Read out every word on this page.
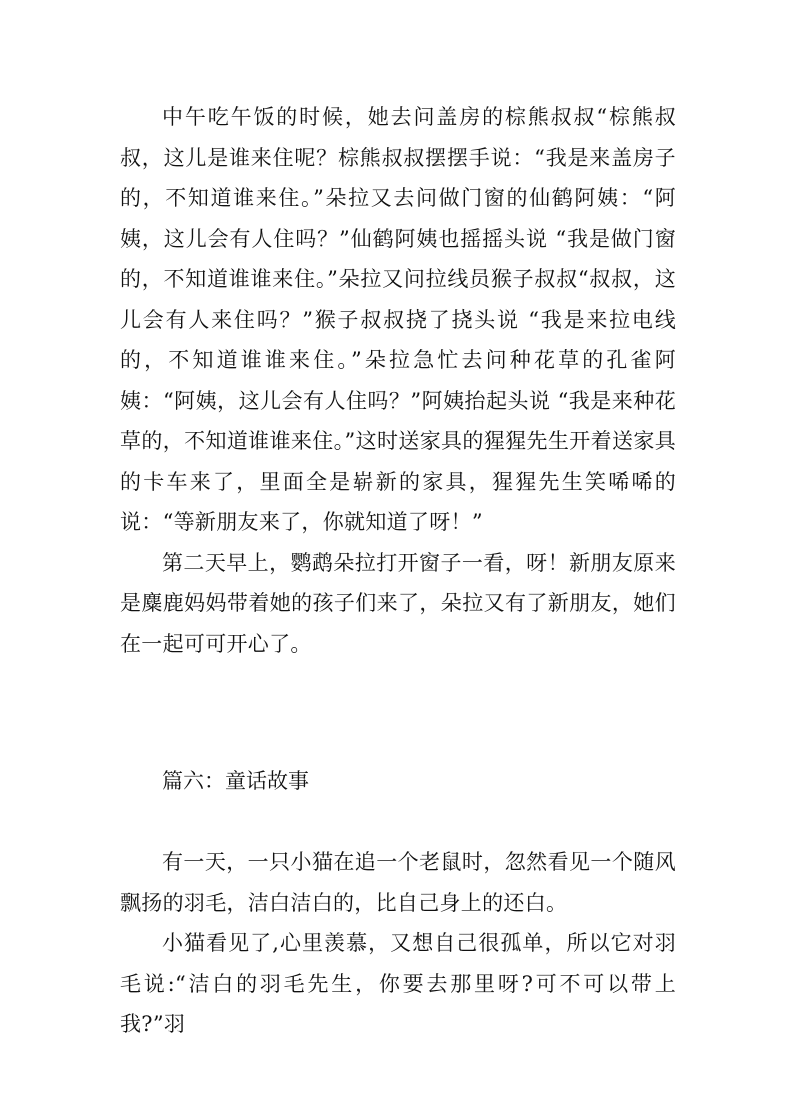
中午吃午饭的时候，她去问盖房的棕熊叔叔“棕熊叔叔，这儿是谁来住呢？棕熊叔叔摆摆手说：“我是来盖房子的，不知道谁来住。”朵拉又去问做门窗的仙鹤阿姨：“阿姨，这儿会有人住吗？”仙鹤阿姨也摇摇头说 “我是做门窗的，不知道谁谁来住。”朵拉又问拉线员猴子叔叔“叔叔，这儿会有人来住吗？”猴子叔叔挠了挠头说 “我是来拉电线的，不知道谁谁来住。”朵拉急忙去问种花草的孔雀阿姨：“阿姨，这儿会有人住吗？”阿姨抬起头说 “我是来种花草的，不知道谁谁来住。”这时送家具的猩猩先生开着送家具的卡车来了，里面全是崭新的家具，猩猩先生笑唏唏的说：“等新朋友来了，你就知道了呀！”

第二天早上，鹦鹉朵拉打开窗子一看，呀！新朋友原来是麋鹿妈妈带着她的孩子们来了，朵拉又有了新朋友，她们在一起可可开心了。

篇六：童话故事

有一天，一只小猫在追一个老鼠时，忽然看见一个随风飘扬的羽毛，洁白洁白的，比自己身上的还白。

小猫看见了,心里羡慕，又想自己很孤单，所以它对羽毛说:“洁白的羽毛先生，你要去那里呀?可不可以带上我?”羽
